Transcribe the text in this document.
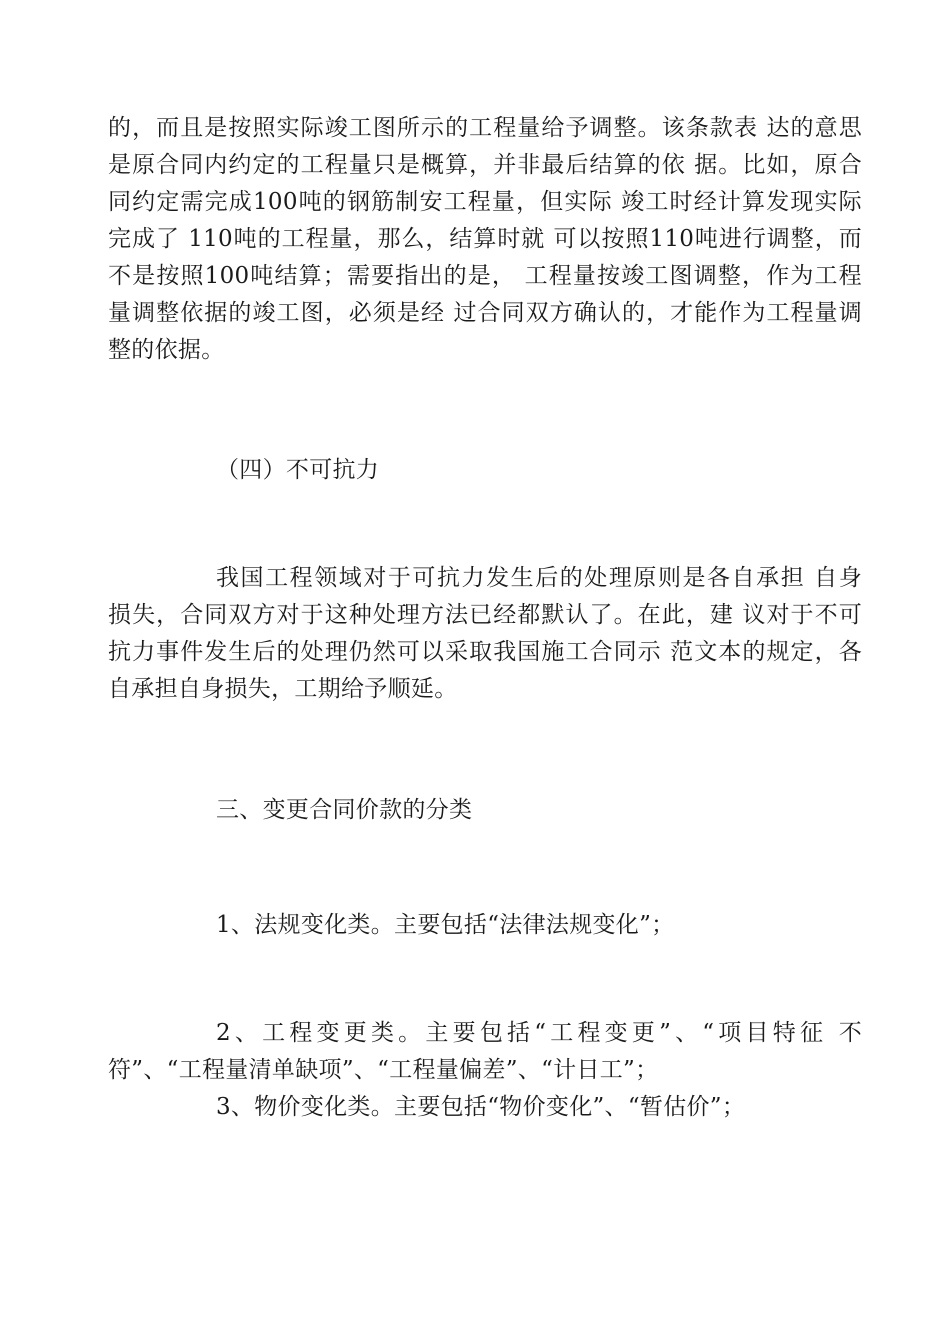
的，而且是按照实际竣工图所示的工程量给予调整。该条款表 达的意思
是原合同内约定的工程量只是概算，并非最后结算的依 据。比如，原合
同约定需完成100吨的钢筋制安工程量，但实际 竣工时经计算发现实际
完成了 110吨的工程量，那么，结算时就 可以按照110吨进行调整，而
不是按照100吨结算；需要指出的是， 工程量按竣工图调整，作为工程
量调整依据的竣工图，必须是经 过合同双方确认的，才能作为工程量调
整的依据。
（四）不可抗力
我国工程领域对于可抗力发生后的处理原则是各自承担 自身
损失，合同双方对于这种处理方法已经都默认了。在此，建 议对于不可
抗力事件发生后的处理仍然可以采取我国施工合同示 范文本的规定，各
自承担自身损失，工期给予顺延。
三、变更合同价款的分类
1、法规变化类。主要包括“法律法规变化”；
2、工程变更类。主要包括“工程变更”、“项目特征 不
符”、“工程量清单缺项”、“工程量偏差”、“计日工”；
3、物价变化类。主要包括“物价变化”、“暂估价”；
